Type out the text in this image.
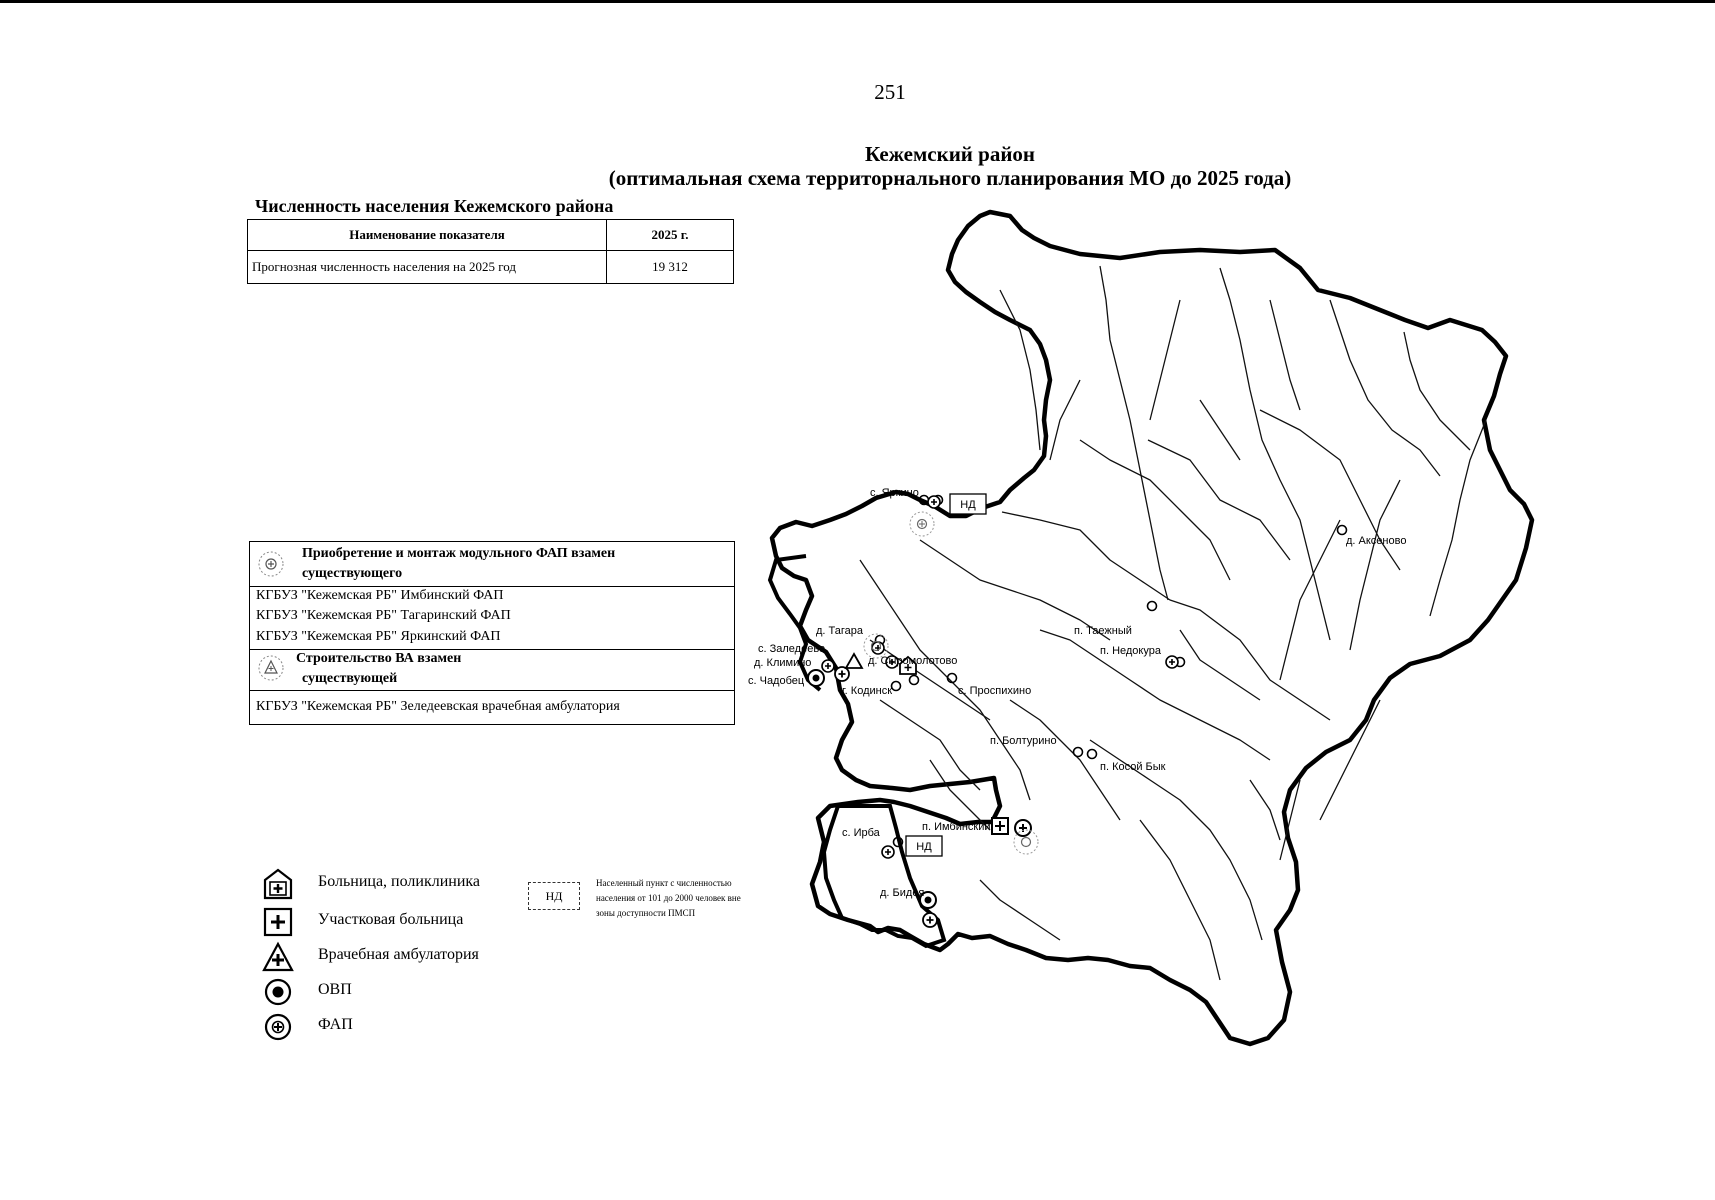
251
Кежемский район
(оптимальная схема территорнального планирования МО до 2025 года)
Численность населения Кежемского района
Наименование показателя	2025 г.
Прогнозная численность населения на 2025 год	19 312
Приобретение и монтаж модульного ФАП взамен
существующего
КГБУЗ "Кежемская РБ" Имбинский ФАП
КГБУЗ "Кежемская РБ" Тагаринский ФАП
КГБУЗ "Кежемская РБ" Яркинский ФАП
Строительство ВА взамен
существующей
КГБУЗ "Кежемская РБ" Зеледеевская врачебная амбулатория
Больница, поликлиника
Участковая больница
Врачебная амбулатория
ОВП
ФАП
НД
Населенный пункт с численностью
населения от 101 до 2000 человек вне
зоны доступности ПМСП
НД
НД
с. Яркино
д. Аксеново
п. Таежный
п. Недокура
д. Тагара
с. Заледеево
д. Климино	д. Сыромолотово
с. Чадобец
г. Кодинск	с. Проспихино
п. Болтурино
п. Косой Бык
п. Имбинский
с. Ирба
д. Бидея
